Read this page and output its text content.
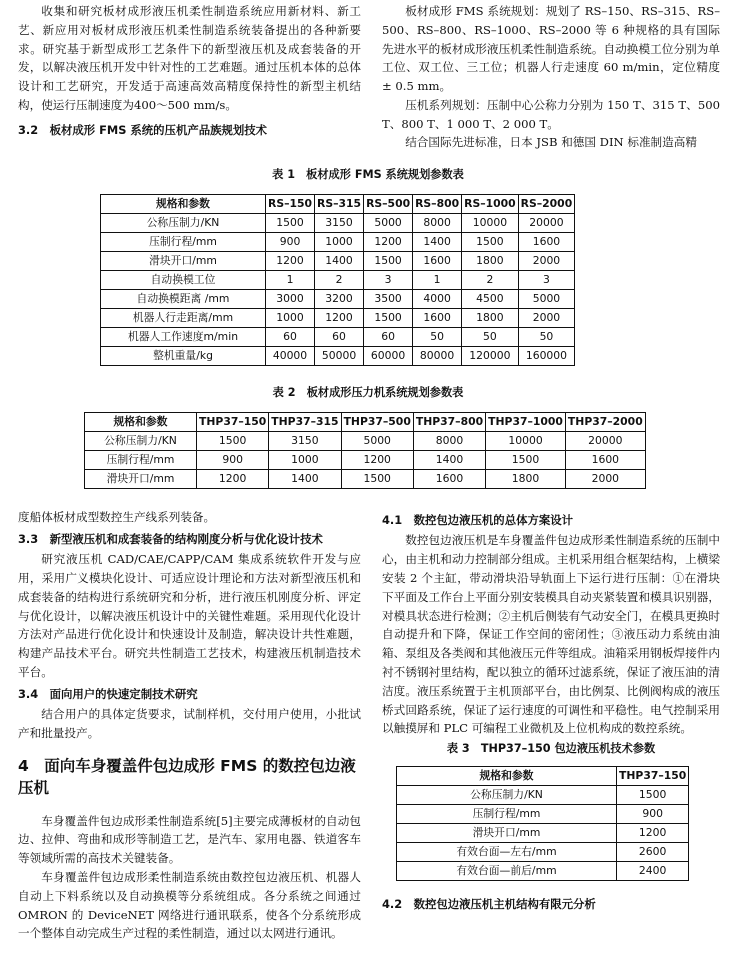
收集和研究板材成形液压机柔性制造系统应用新材料、新工艺、新应用对板材成形液压机柔性制造系统装备提出的各种新要求。研究基于新型成形工艺条件下的新型液压机及成套装备的开发，以解决液压机开发中针对性的工艺难题。通过压机本体的总体设计和工艺研究，开发适于高速高效高精度保持性的新型主机结构，使运行压制速度为400～500 mm/s。

3.2　板材成形 FMS 系统的压机产品族规划技术

板材成形 FMS 系统规划：规划了 RS–150、RS–315、RS–500、RS–800、RS–1000、RS–2000 等 6 种规格的具有国际先进水平的板材成形液压机柔性制造系统。自动换模工位分别为单工位、双工位、三工位；机器人行走速度 60 m/min，定位精度 ± 0.5 mm。

压机系列规划：压制中心公称力分别为 150 T、315 T、500 T、800 T、1 000 T、2 000 T。

结合国际先进标准，日本 JSB 和德国 DIN 标准制造高精

表 1　板材成形 FMS 系统规划参数表
规格和参数	RS–150	RS–315	RS–500	RS–800	RS–1000	RS–2000
公称压制力/KN	1500	3150	5000	8000	10000	20000
压制行程/mm	900	1000	1200	1400	1500	1600
滑块开口/mm	1200	1400	1500	1600	1800	2000
自动换模工位	1	2	3	1	2	3
自动换模距离 /mm	3000	3200	3500	4000	4500	5000
机器人行走距离/mm	1000	1200	1500	1600	1800	2000
机器人工作速度m/min	60	60	60	50	50	50
整机重量/kg	40000	50000	60000	80000	120000	160000
表 2　板材成形压力机系统规划参数表
规格和参数	THP37–150	THP37–315	THP37–500	THP37–800	THP37–1000	THP37–2000
公称压制力/KN	1500	3150	5000	8000	10000	20000
压制行程/mm	900	1000	1200	1400	1500	1600
滑块开口/mm	1200	1400	1500	1600	1800	2000

度船体板材成型数控生产线系列装备。

3.3　新型液压机和成套装备的结构刚度分析与优化设计技术

研究液压机 CAD/CAE/CAPP/CAM 集成系统软件开发与应用，采用广义模块化设计、可适应设计理论和方法对新型液压机和成套装备的结构进行系统研究和分析，进行液压机刚度分析、评定与优化设计，以解决液压机设计中的关键性难题。采用现代化设计方法对产品进行优化设计和快速设计及制造，解决设计共性难题，构建产品技术平台。研究共性制造工艺技术，构建液压机制造技术平台。

3.4　面向用户的快速定制技术研究

结合用户的具体定货要求，试制样机，交付用户使用，小批试产和批量投产。

4　面向车身覆盖件包边成形 FMS 的数控包边液压机

车身覆盖件包边成形柔性制造系统[5]主要完成薄板材的自动包边、拉伸、弯曲和成形等制造工艺，是汽车、家用电器、铁道客车等领域所需的高技术关键装备。

车身覆盖件包边成形柔性制造系统由数控包边液压机、机器人自动上下料系统以及自动换模等分系统组成。各分系统之间通过 OMRON 的 DeviceNET 网络进行通讯联系，使各个分系统形成一个整体自动完成生产过程的柔性制造，通过以太网进行通讯。

4.1　数控包边液压机的总体方案设计

数控包边液压机是车身覆盖件包边成形柔性制造系统的压制中心，由主机和动力控制部分组成。主机采用组合框架结构，上横梁安装 2 个主缸，带动滑块沿导轨面上下运行进行压制：①在滑块下平面及工作台上平面分别安装模具自动夹紧装置和模具识别器，对模具状态进行检测；②主机后侧装有气动安全门，在模具更换时自动提升和下降，保证工作空间的密闭性；③液压动力系统由油箱、泵组及各类阀和其他液压元件等组成。油箱采用钢板焊接件内衬不锈钢衬里结构，配以独立的循环过滤系统，保证了液压油的清洁度。液压系统置于主机顶部平台，由比例泵、比例阀构成的液压桥式回路系统，保证了运行速度的可调性和平稳性。电气控制采用以触摸屏和 PLC 可编程工业微机及上位机构成的数控系统。

表 3　THP37–150 包边液压机技术参数
规格和参数	THP37–150
公称压制力/KN	1500
压制行程/mm	900
滑块开口/mm	1200
有效台面—左右/mm	2600
有效台面—前后/mm	2400
4.2　数控包边液压机主机结构有限元分析
